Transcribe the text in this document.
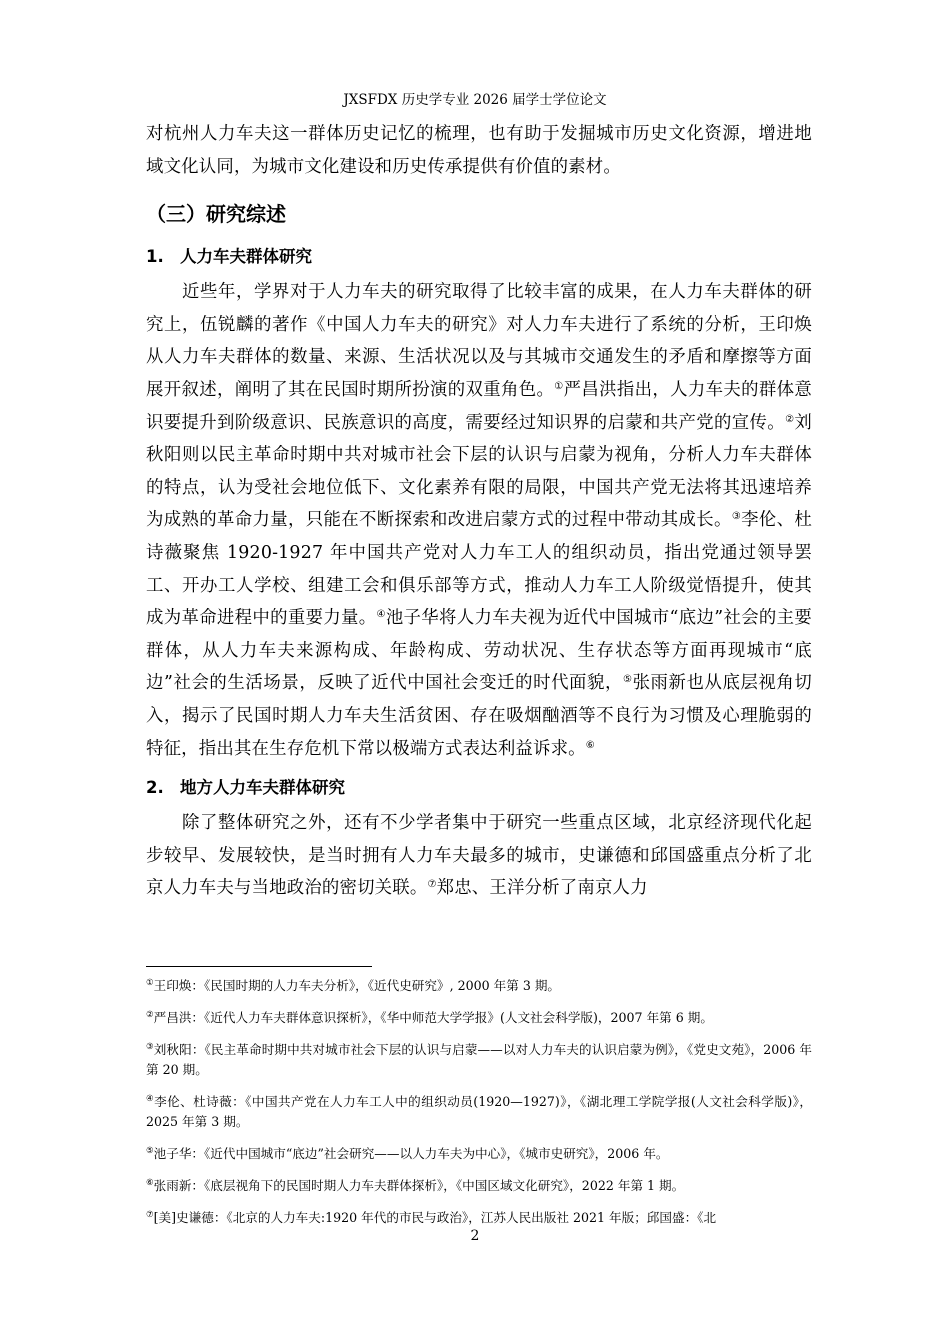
JXSFDX 历史学专业 2026 届学士学位论文

对杭州人力车夫这一群体历史记忆的梳理，也有助于发掘城市历史文化资源，增进地域文化认同，为城市文化建设和历史传承提供有价值的素材。

（三）研究综述
1. 人力车夫群体研究

近些年，学界对于人力车夫的研究取得了比较丰富的成果，在人力车夫群体的研究上，伍锐麟的著作《中国人力车夫的研究》对人力车夫进行了系统的分析，王印焕从人力车夫群体的数量、来源、生活状况以及与其城市交通发生的矛盾和摩擦等方面展开叙述，阐明了其在民国时期所扮演的双重角色。①严昌洪指出，人力车夫的群体意识要提升到阶级意识、民族意识的高度，需要经过知识界的启蒙和共产党的宣传。②刘秋阳则以民主革命时期中共对城市社会下层的认识与启蒙为视角，分析人力车夫群体的特点，认为受社会地位低下、文化素养有限的局限，中国共产党无法将其迅速培养为成熟的革命力量，只能在不断探索和改进启蒙方式的过程中带动其成长。③李伦、杜诗薇聚焦 1920-1927 年中国共产党对人力车工人的组织动员，指出党通过领导罢工、开办工人学校、组建工会和俱乐部等方式，推动人力车工人阶级觉悟提升，使其成为革命进程中的重要力量。④池子华将人力车夫视为近代中国城市“底边”社会的主要群体，从人力车夫来源构成、年龄构成、劳动状况、生存状态等方面再现城市“底边”社会的生活场景，反映了近代中国社会变迁的时代面貌，⑤张雨新也从底层视角切入，揭示了民国时期人力车夫生活贫困、存在吸烟酗酒等不良行为习惯及心理脆弱的特征，指出其在生存危机下常以极端方式表达利益诉求。⑥

2. 地方人力车夫群体研究

除了整体研究之外，还有不少学者集中于研究一些重点区域，北京经济现代化起步较早、发展较快，是当时拥有人力车夫最多的城市，史谦德和邱国盛重点分析了北京人力车夫与当地政治的密切关联。⑦郑忠、王洋分析了南京人力

①王印焕：《民国时期的人力车夫分析》，《近代史研究》, 2000 年第 3 期。

②严昌洪：《近代人力车夫群体意识探析》，《华中师范大学学报》(人文社会科学版)，2007 年第 6 期。

③刘秋阳：《民主革命时期中共对城市社会下层的认识与启蒙——以对人力车夫的认识启蒙为例》，《党史文苑》，2006 年第 20 期。

④李伦、杜诗薇：《中国共产党在人力车工人中的组织动员(1920—1927)》，《湖北理工学院学报(人文社会科学版)》，2025 年第 3 期。

⑤池子华：《近代中国城市“底边”社会研究——以人力车夫为中心》，《城市史研究》，2006 年。

⑥张雨新：《底层视角下的民国时期人力车夫群体探析》，《中国区域文化研究》，2022 年第 1 期。

⑦[美]史谦德：《北京的人力车夫:1920 年代的市民与政治》，江苏人民出版社 2021 年版；邱国盛：《北

2
